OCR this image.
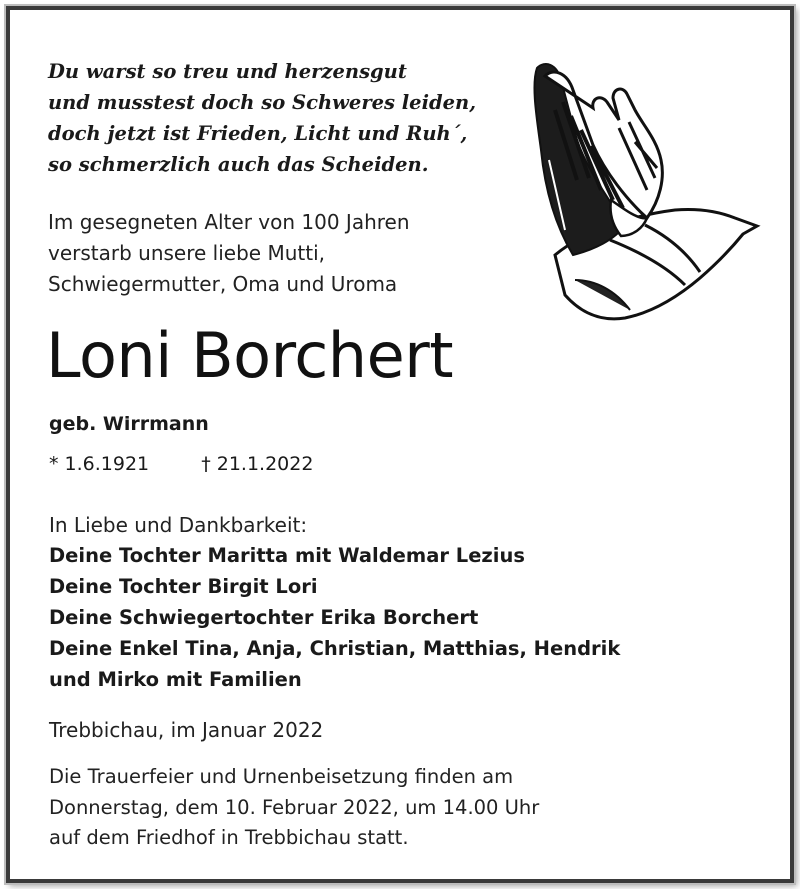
Du warst so treu und herzensgut
und musstest doch so Schweres leiden,
doch jetzt ist Frieden, Licht und Ruh´,
so schmerzlich auch das Scheiden.
Im gesegneten Alter von 100 Jahren
verstarb unsere liebe Mutti,
Schwiegermutter, Oma und Uroma
Loni Borchert
geb. Wirrmann
* 1.6.1921	† 21.1.2022
In Liebe und Dankbarkeit:
Deine Tochter Maritta mit Waldemar Lezius
Deine Tochter Birgit Lori
Deine Schwiegertochter Erika Borchert
Deine Enkel Tina, Anja, Christian, Matthias, Hendrik
und Mirko mit Familien
Trebbichau, im Januar 2022
Die Trauerfeier und Urnenbeisetzung finden am
Donnerstag, dem 10. Februar 2022, um 14.00 Uhr
auf dem Friedhof in Trebbichau statt.
